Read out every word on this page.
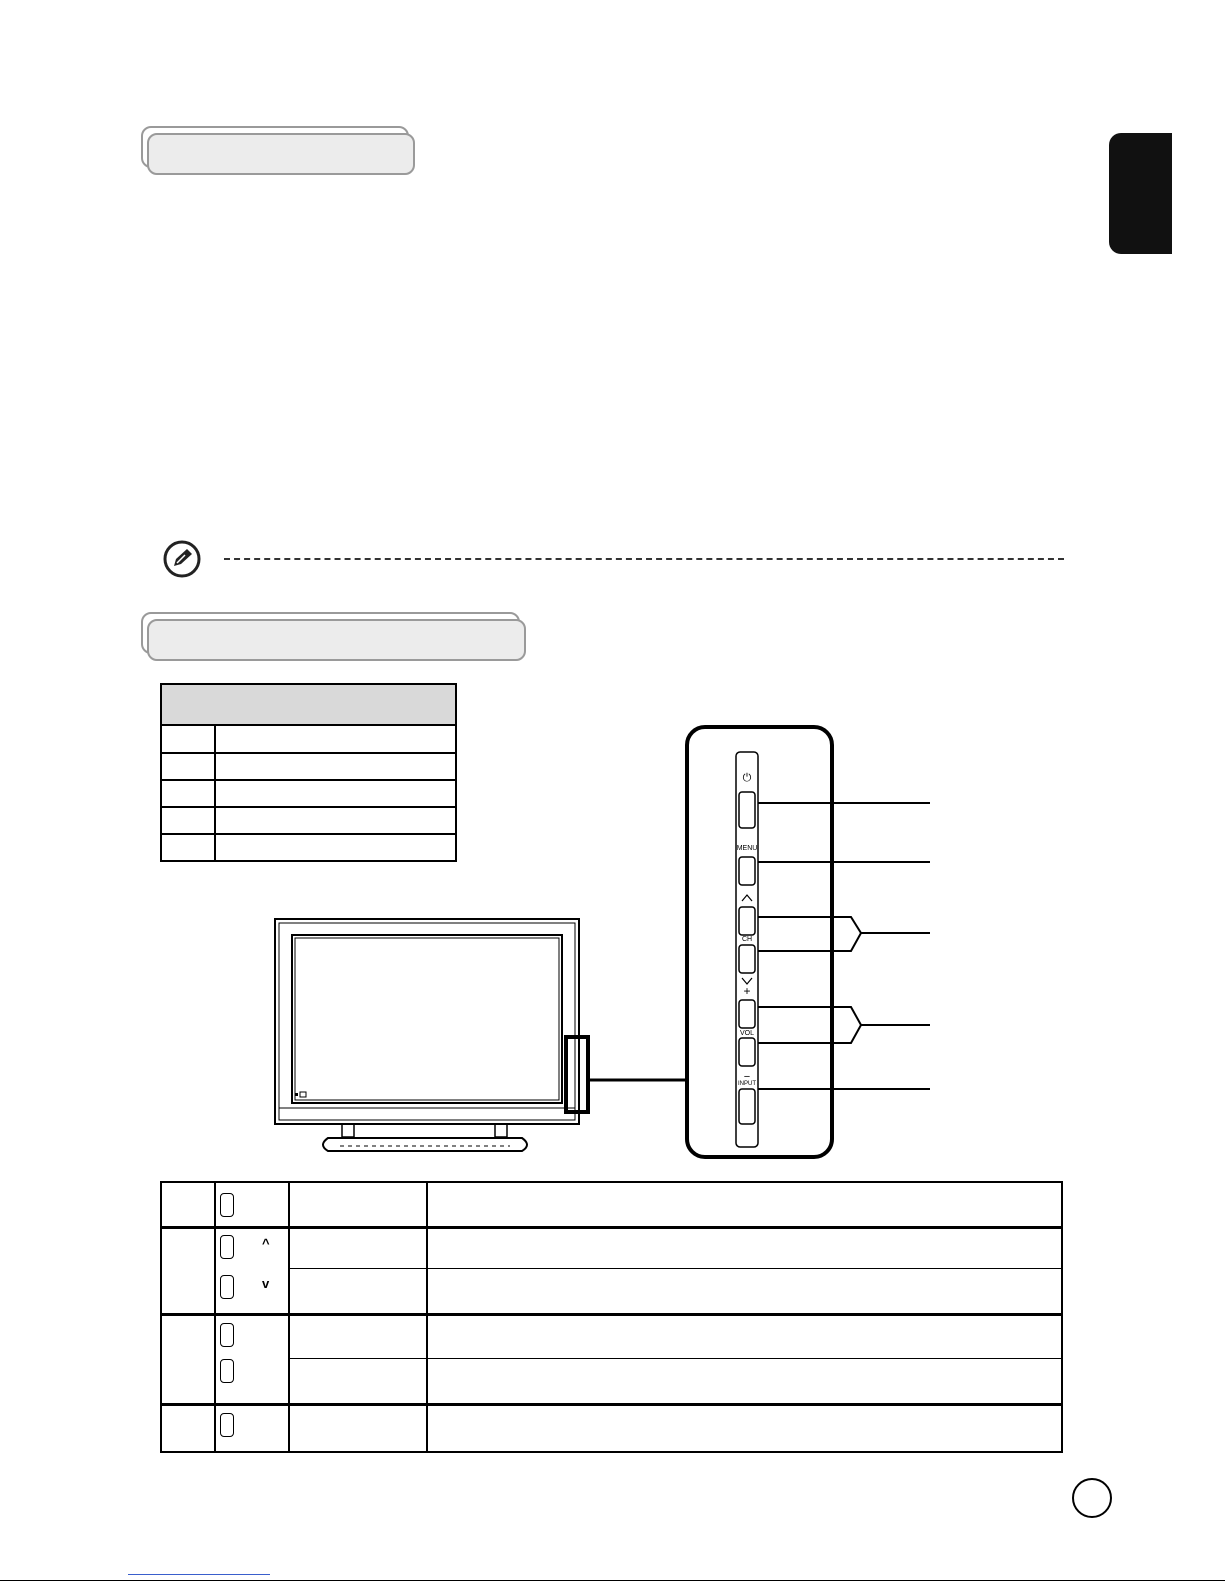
⏻
MENU
CH
+
VOL
−
INPUT
^
v
